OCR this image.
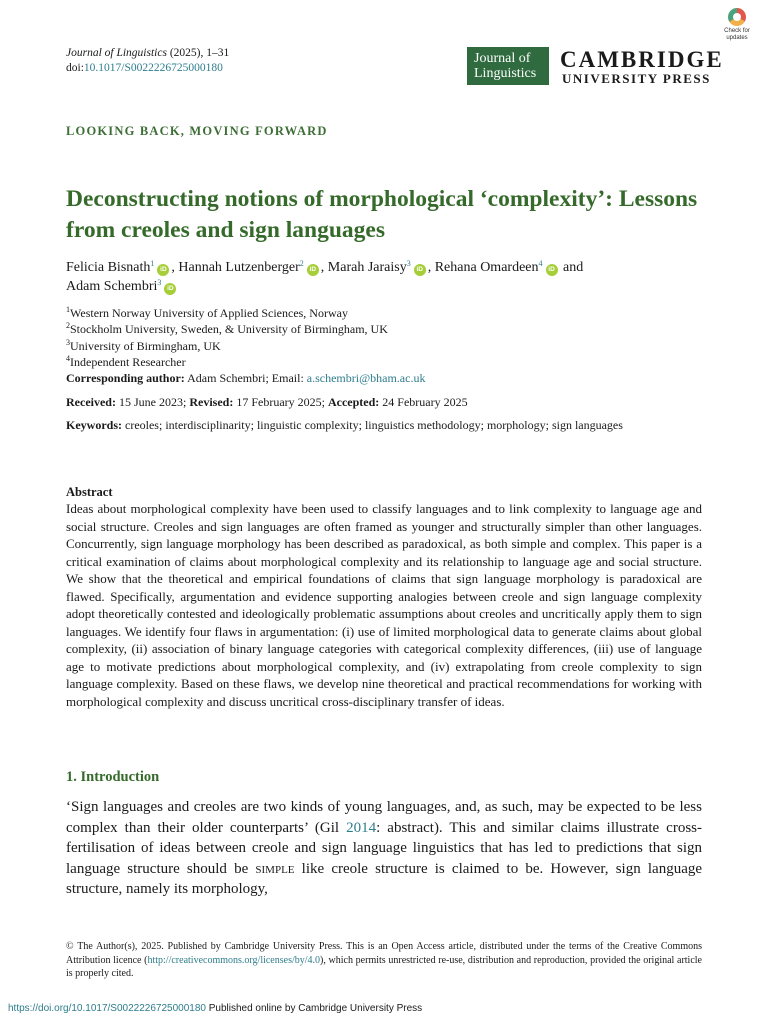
Journal of Linguistics (2025), 1–31
doi:10.1017/S0022226725000180
Journal of Linguistics
CAMBRIDGE
UNIVERSITY PRESS
Check for updates
LOOKING BACK, MOVING FORWARD
Deconstructing notions of morphological ‘complexity’: Lessons from creoles and sign languages
Felicia Bisnath$^1$iD , Hannah Lutzenberger$^2$iD , Marah Jaraisy$^3$iD , Rehana Omardeen$^4$iD and
Adam Schembri$^3$iD
$^1$Western Norway University of Applied Sciences, Norway
$^2$Stockholm University, Sweden, & University of Birmingham, UK
$^3$University of Birmingham, UK
$^4$Independent Researcher
Corresponding author: Adam Schembri; Email: a.schembri@bham.ac.uk
Received: 15 June 2023; Revised: 17 February 2025; Accepted: 24 February 2025
Keywords: creoles; interdisciplinarity; linguistic complexity; linguistics methodology; morphology; sign languages
Abstract
Ideas about morphological complexity have been used to classify languages and to link complexity to language age and social structure. Creoles and sign languages are often framed as younger and structurally simpler than other languages. Concurrently, sign language morphology has been described as paradoxical, as both simple and complex. This paper is a critical examination of claims about morphological complexity and its relationship to language age and social structure. We show that the theoretical and empirical foundations of claims that sign language morphology is paradoxical are flawed. Specifically, argumentation and evidence supporting analogies between creole and sign language complexity adopt theoretically contested and ideologically problematic assumptions about creoles and uncritically apply them to sign languages. We identify four flaws in argumentation: (i) use of limited morphological data to generate claims about global complexity, (ii) association of binary language categories with categorical complexity differences, (iii) use of language age to motivate predictions about morphological complexity, and (iv) extrapolating from creole complexity to sign language complexity. Based on these flaws, we develop nine theoretical and practical recommendations for working with morphological complexity and discuss uncritical cross-disciplinary transfer of ideas.
1. Introduction
‘Sign languages and creoles are two kinds of young languages, and, as such, may be expected to be less complex than their older counterparts’ (Gil 2014: abstract). This and similar claims illustrate cross-fertilisation of ideas between creole and sign language linguistics that has led to predictions that sign language structure should be simple like creole structure is claimed to be. However, sign language structure, namely its morphology,
© The Author(s), 2025. Published by Cambridge University Press. This is an Open Access article, distributed under the terms of the Creative Commons Attribution licence (http://creativecommons.org/licenses/by/4.0), which permits unrestricted re-use, distribution and reproduction, provided the original article is properly cited.
https://doi.org/10.1017/S0022226725000180 Published online by Cambridge University Press
